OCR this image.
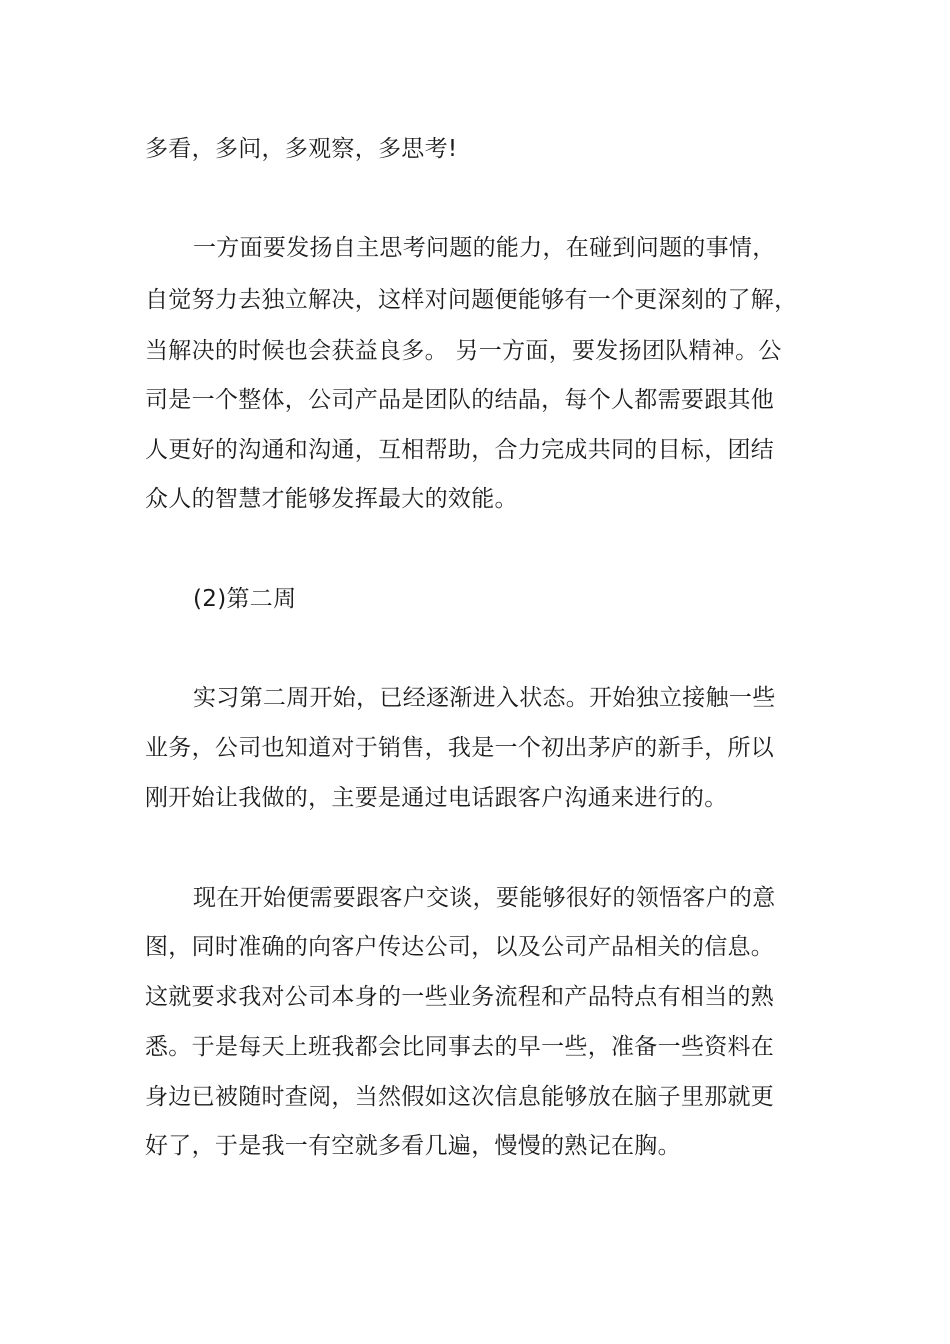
多看，多问，多观察，多思考!
一方面要发扬自主思考问题的能力，在碰到问题的事情，
自觉努力去独立解决，这样对问题便能够有一个更深刻的了解，
当解决的时候也会获益良多。 另一方面，要发扬团队精神。公
司是一个整体，公司产品是团队的结晶，每个人都需要跟其他
人更好的沟通和沟通，互相帮助，合力完成共同的目标，团结
众人的智慧才能够发挥最大的效能。
(2)第二周
实习第二周开始，已经逐渐进入状态。开始独立接触一些
业务，公司也知道对于销售，我是一个初出茅庐的新手，所以
刚开始让我做的，主要是通过电话跟客户沟通来进行的。
现在开始便需要跟客户交谈，要能够很好的领悟客户的意
图，同时准确的向客户传达公司，以及公司产品相关的信息。
这就要求我对公司本身的一些业务流程和产品特点有相当的熟
悉。于是每天上班我都会比同事去的早一些，准备一些资料在
身边已被随时查阅，当然假如这次信息能够放在脑子里那就更
好了，于是我一有空就多看几遍，慢慢的熟记在胸。
